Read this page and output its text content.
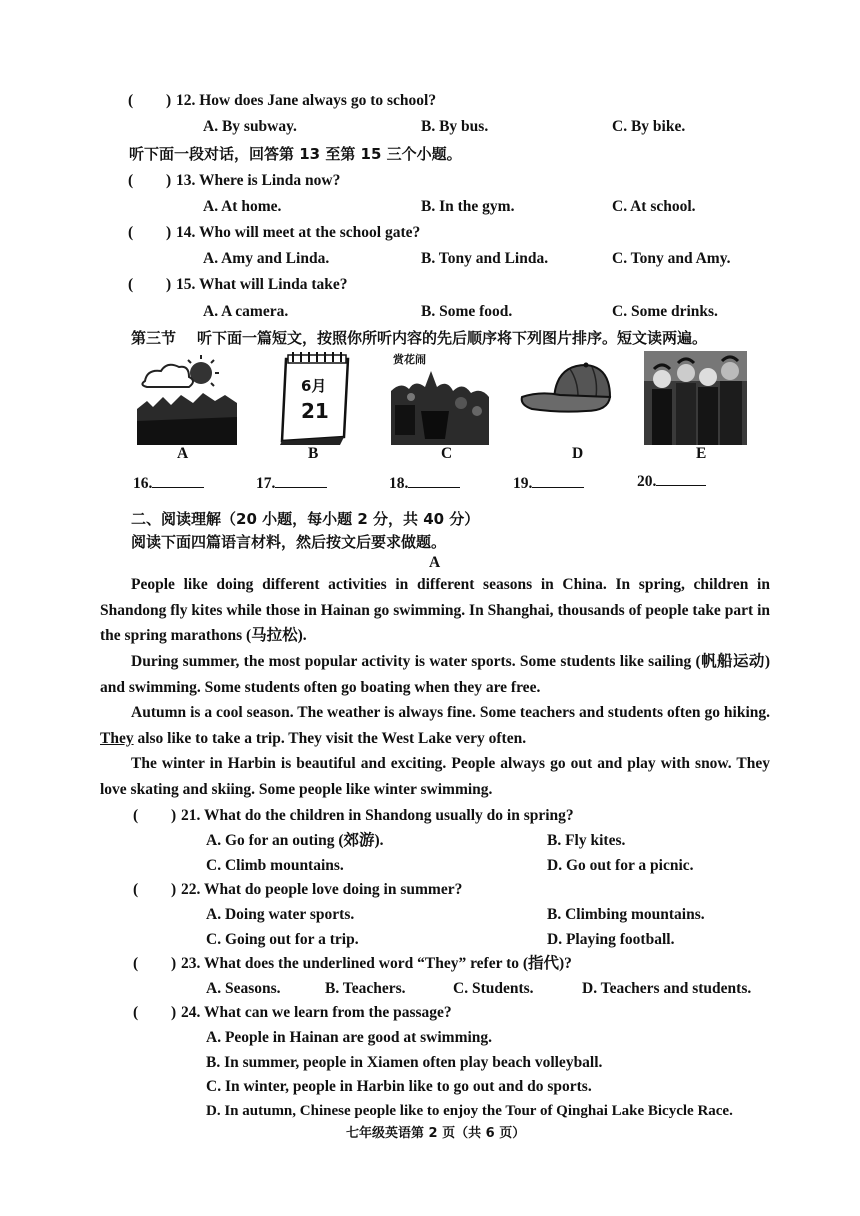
( ) 12. How does Jane always go to school?
A. By subway.	B. By bus.	C. By bike.
听下面一段对话，回答第 13 至第 15 三个小题。
( ) 13. Where is Linda now?
A. At home.	B. In the gym.	C. At school.
( ) 14. Who will meet at the school gate?
A. Amy and Linda.	B. Tony and Linda.	C. Tony and Amy.
( ) 15. What will Linda take?
A. A camera.	B. Some food.	C. Some drinks.
第三节 听下面一篇短文，按照你所听内容的先后顺序将下列图片排序。短文读两遍。
A
6月
21
B
赏花闹
C	D	E
16.	17.	18.	19.	20.
二、阅读理解（20 小题，每小题 2 分，共 40 分）
阅读下面四篇语言材料，然后按文后要求做题。
A
People like doing different activities in different seasons in China. In spring, children in Shandong fly kites while those in Hainan go swimming. In Shanghai, thousands of people take part in the spring marathons (马拉松).
During summer, the most popular activity is water sports. Some students like sailing (帆船运动) and swimming. Some students often go boating when they are free.
Autumn is a cool season. The weather is always fine. Some teachers and students often go hiking. They also like to take a trip. They visit the West Lake very often.
The winter in Harbin is beautiful and exciting. People always go out and play with snow. They love skating and skiing. Some people like winter swimming.
( ) 21. What do the children in Shandong usually do in spring?
A. Go for an outing (郊游).	B. Fly kites.
C. Climb mountains.	D. Go out for a picnic.
( ) 22. What do people love doing in summer?
A. Doing water sports.	B. Climbing mountains.
C. Going out for a trip.	D. Playing football.
( ) 23. What does the underlined word “They” refer to (指代)?
A. Seasons.	B. Teachers.	C. Students.	D. Teachers and students.
( ) 24. What can we learn from the passage?
A. People in Hainan are good at swimming.
B. In summer, people in Xiamen often play beach volleyball.
C. In winter, people in Harbin like to go out and do sports.
D. In autumn, Chinese people like to enjoy the Tour of Qinghai Lake Bicycle Race.
七年级英语第 2 页（共 6 页）
